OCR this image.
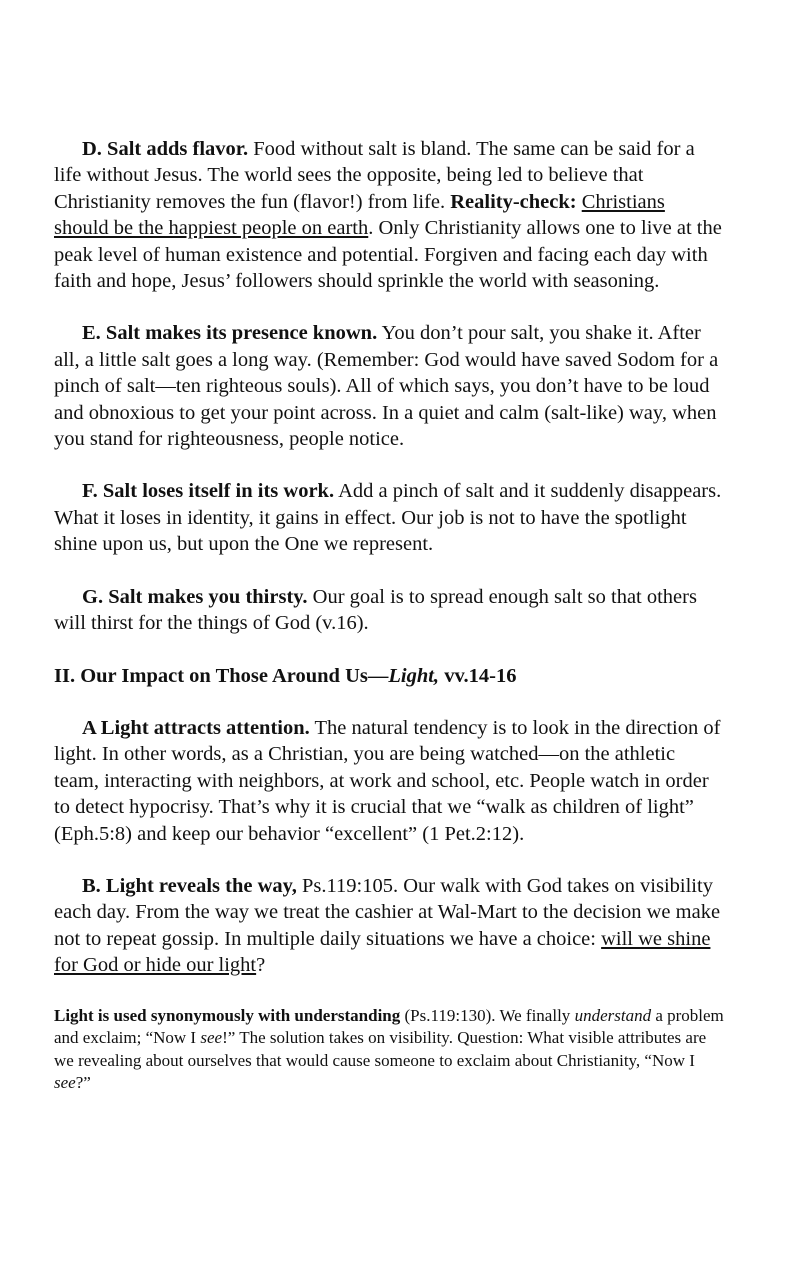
D. Salt adds flavor. Food without salt is bland. The same can be said for a life without Jesus. The world sees the opposite, being led to believe that Christianity removes the fun (flavor!) from life. Reality-check: Christians should be the happiest people on earth. Only Christianity allows one to live at the peak level of human existence and potential. Forgiven and facing each day with faith and hope, Jesus’ followers should sprinkle the world with seasoning.

E. Salt makes its presence known. You don’t pour salt, you shake it. After all, a little salt goes a long way. (Remember: God would have saved Sodom for a pinch of salt—ten righteous souls). All of which says, you don’t have to be loud and obnoxious to get your point across. In a quiet and calm (salt-like) way, when you stand for righteousness, people notice.

F. Salt loses itself in its work. Add a pinch of salt and it suddenly disappears. What it loses in identity, it gains in effect. Our job is not to have the spotlight shine upon us, but upon the One we represent.

G. Salt makes you thirsty. Our goal is to spread enough salt so that others will thirst for the things of God (v.16).

II. Our Impact on Those Around Us—Light, vv.14-16

A Light attracts attention. The natural tendency is to look in the direction of light. In other words, as a Christian, you are being watched—on the athletic team, interacting with neighbors, at work and school, etc. People watch in order to detect hypocrisy. That’s why it is crucial that we “walk as children of light” (Eph.5:8) and keep our behavior “excellent” (1 Pet.2:12).

B. Light reveals the way, Ps.119:105. Our walk with God takes on visibility each day. From the way we treat the cashier at Wal-Mart to the decision we make not to repeat gossip. In multiple daily situations we have a choice: will we shine for God or hide our light?

Light is used synonymously with understanding (Ps.119:130). We finally understand a problem and exclaim; “Now I see!” The solution takes on visibility. Question: What visible attributes are we revealing about ourselves that would cause someone to exclaim about Christianity, “Now I see?”
